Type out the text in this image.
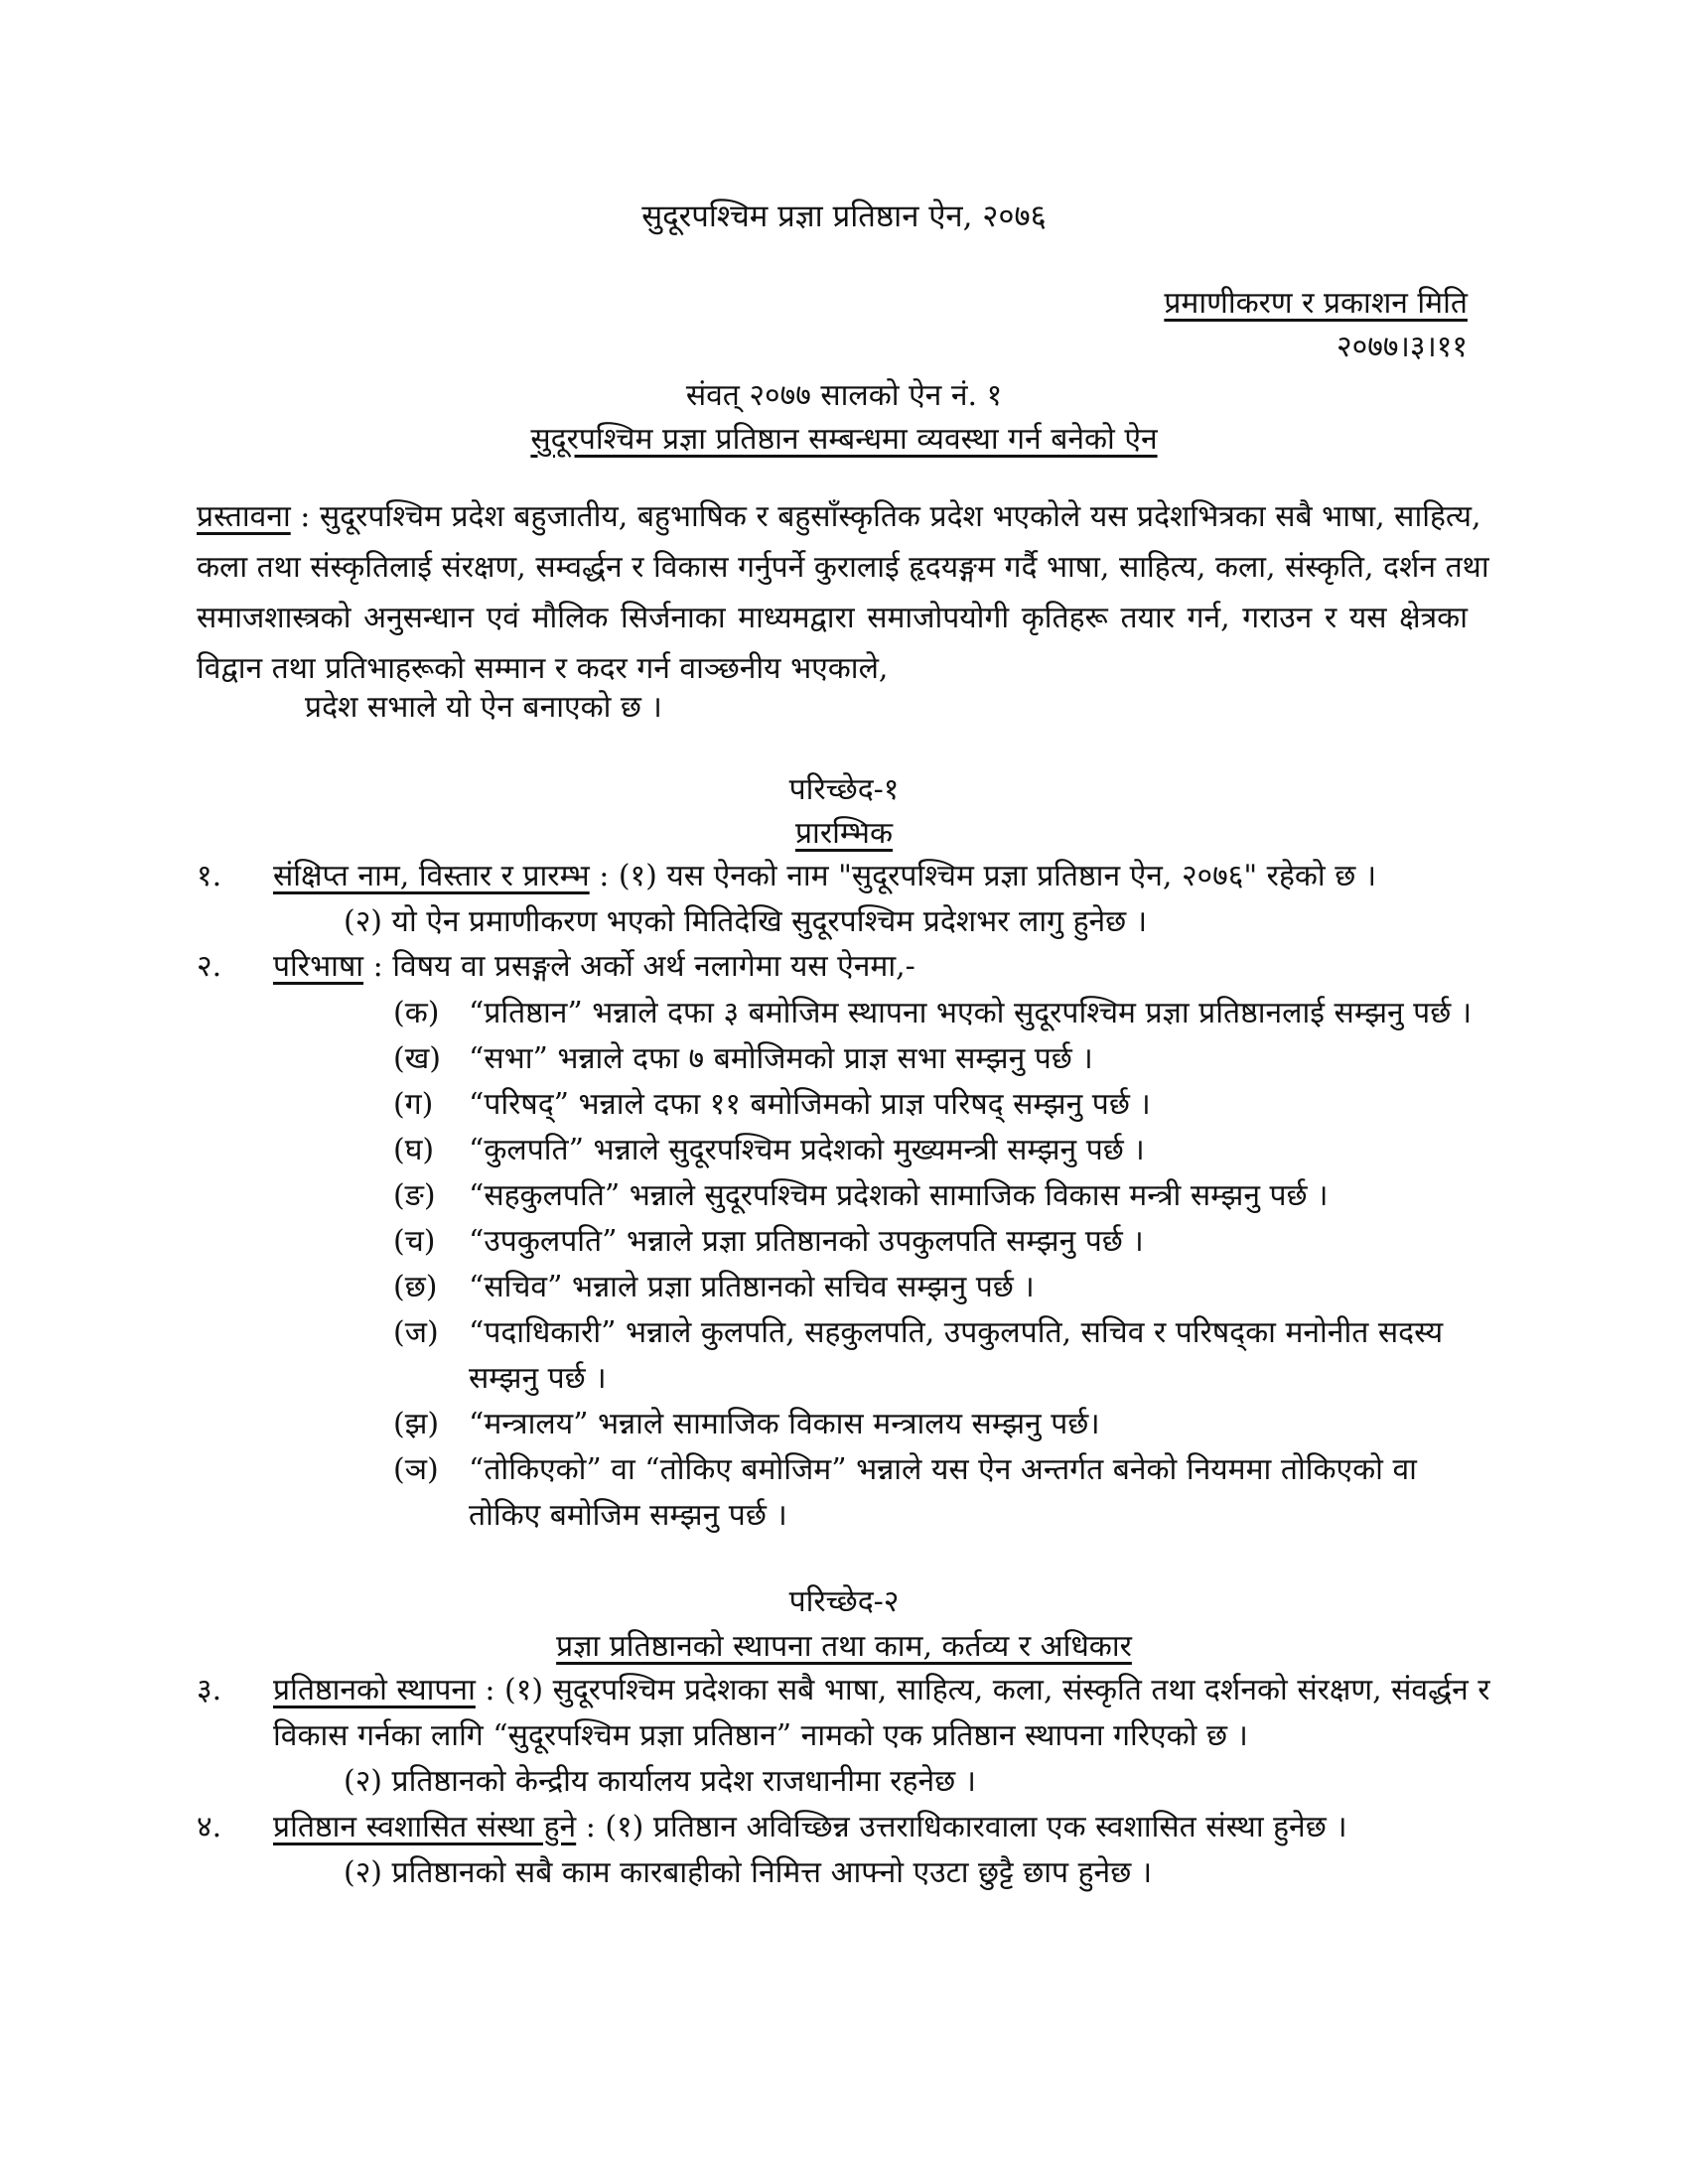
सुदूरपश्चिम प्रज्ञा प्रतिष्ठान ऐन, २०७६
प्रमाणीकरण र प्रकाशन मिति
२०७७।३।११
संवत् २०७७ सालको ऐन नं. १
सुदूरपश्चिम प्रज्ञा प्रतिष्ठान सम्बन्धमा व्यवस्था गर्न बनेको ऐन
प्रस्तावना : सुदूरपश्चिम प्रदेश बहुजातीय, बहुभाषिक र बहुसाँस्कृतिक प्रदेश भएकोले यस प्रदेशभित्रका सबै भाषा, साहित्य,
कला तथा संस्कृतिलाई संरक्षण, सम्वर्द्धन र विकास गर्नुपर्ने कुरालाई हृदयङ्गम गर्दै भाषा, साहित्य, कला, संस्कृति, दर्शन तथा
समाजशास्त्रको अनुसन्धान एवं मौलिक सिर्जनाका माध्यमद्वारा समाजोपयोगी कृतिहरू तयार गर्न, गराउन र यस क्षेत्रका
विद्वान तथा प्रतिभाहरूको सम्मान र कदर गर्न वाञ्छनीय भएकाले,
प्रदेश सभाले यो ऐन बनाएको छ ।
परिच्छेद-१
प्रारम्भिक
१. संक्षिप्त नाम, विस्तार र प्रारम्भ : (१) यस ऐनको नाम "सुदूरपश्चिम प्रज्ञा प्रतिष्ठान ऐन, २०७६" रहेको छ ।
(२) यो ऐन प्रमाणीकरण भएको मितिदेखि सुदूरपश्चिम प्रदेशभर लागु हुनेछ ।
२. परिभाषा : विषय वा प्रसङ्गले अर्को अर्थ नलागेमा यस ऐनमा,-
(क) “प्रतिष्ठान” भन्नाले दफा ३ बमोजिम स्थापना भएको सुदूरपश्चिम प्रज्ञा प्रतिष्ठानलाई सम्झनु पर्छ ।
(ख) “सभा” भन्नाले दफा ७ बमोजिमको प्राज्ञ सभा सम्झनु पर्छ ।
(ग) “परिषद्” भन्नाले दफा ११ बमोजिमको प्राज्ञ परिषद् सम्झनु पर्छ ।
(घ) “कुलपति” भन्नाले सुदूरपश्चिम प्रदेशको मुख्यमन्त्री सम्झनु पर्छ ।
(ङ) “सहकुलपति” भन्नाले सुदूरपश्चिम प्रदेशको सामाजिक विकास मन्त्री सम्झनु पर्छ ।
(च) “उपकुलपति” भन्नाले प्रज्ञा प्रतिष्ठानको उपकुलपति सम्झनु पर्छ ।
(छ) “सचिव” भन्नाले प्रज्ञा प्रतिष्ठानको सचिव सम्झनु पर्छ ।
(ज) “पदाधिकारी” भन्नाले कुलपति, सहकुलपति, उपकुलपति, सचिव र परिषद्का मनोनीत सदस्य सम्झनु पर्छ ।
(झ) “मन्त्रालय” भन्नाले सामाजिक विकास मन्त्रालय सम्झनु पर्छ।
(ञ) “तोकिएको” वा “तोकिए बमोजिम” भन्नाले यस ऐन अन्तर्गत बनेको नियममा तोकिएको वा तोकिए बमोजिम सम्झनु पर्छ ।
परिच्छेद-२
प्रज्ञा प्रतिष्ठानको स्थापना तथा काम, कर्तव्य र अधिकार
३. प्रतिष्ठानको स्थापना : (१) सुदूरपश्चिम प्रदेशका सबै भाषा, साहित्य, कला, संस्कृति तथा दर्शनको संरक्षण, संवर्द्धन र
विकास गर्नका लागि “सुदूरपश्चिम प्रज्ञा प्रतिष्ठान” नामको एक प्रतिष्ठान स्थापना गरिएको छ ।
(२) प्रतिष्ठानको केन्द्रीय कार्यालय प्रदेश राजधानीमा रहनेछ ।
४. प्रतिष्ठान स्वशासित संस्था हुने : (१) प्रतिष्ठान अविच्छिन्न उत्तराधिकारवाला एक स्वशासित संस्था हुनेछ ।
(२) प्रतिष्ठानको सबै काम कारबाहीको निमित्त आफ्नो एउटा छुट्टै छाप हुनेछ ।
